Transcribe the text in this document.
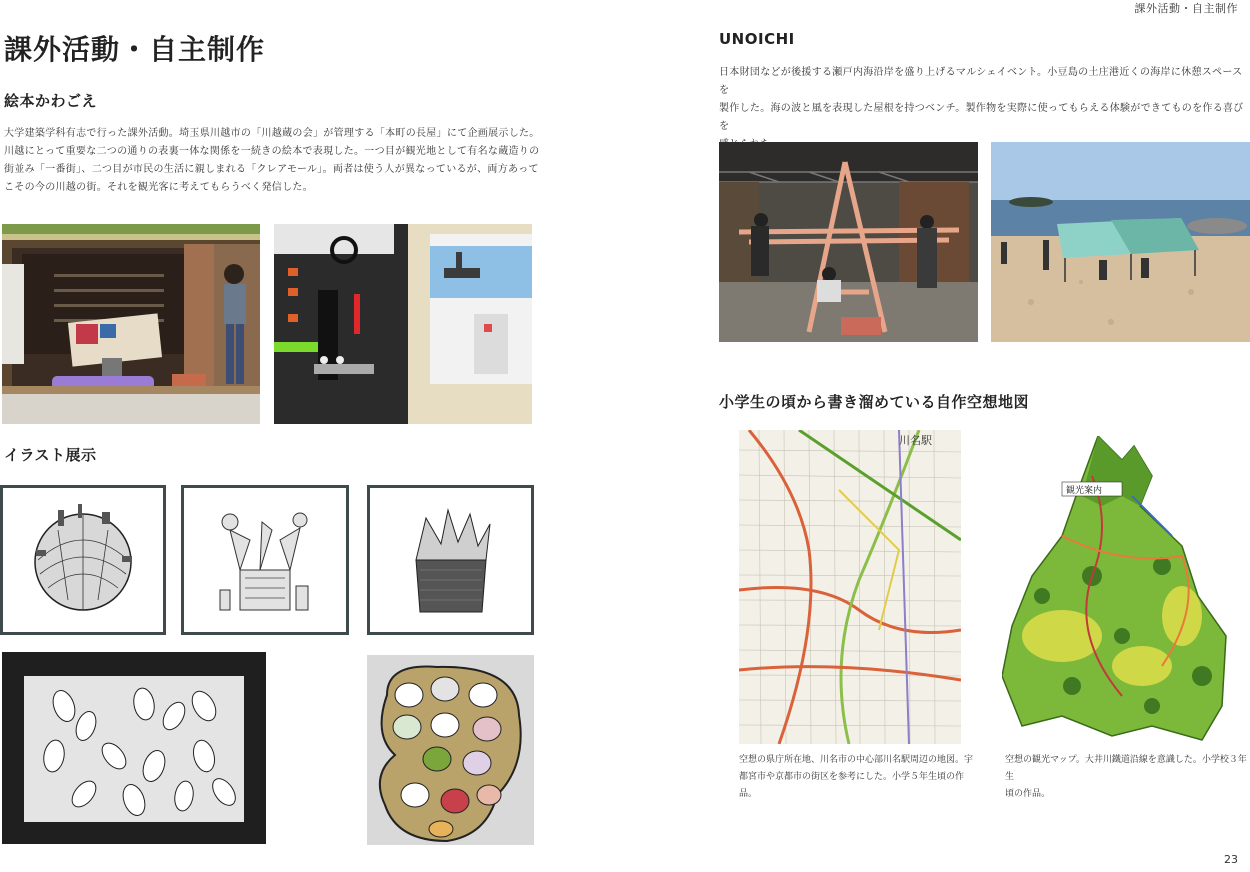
課外活動・自主制作
課外活動・自主制作
絵本かわごえ
大学建築学科有志で行った課外活動。埼玉県川越市の「川越蔵の会」が管理する「本町の長屋」にて企画展示した。
川越にとって重要な二つの通りの表裏一体な関係を一続きの絵本で表現した。一つ目が観光地として有名な蔵造りの
街並み「一番街」、二つ目が市民の生活に親しまれる「クレアモール」。両者は使う人が異なっているが、両方あって
こその今の川越の街。それを観光客に考えてもらうべく発信した。
イラスト展示
UNOICHI
日本財団などが後援する瀬戸内海沿岸を盛り上げるマルシェイベント。小豆島の土庄港近くの海岸に休憩スペースを
製作した。海の波と風を表現した屋根を持つベンチ。製作物を実際に使ってもらえる体験ができてものを作る喜びを
小学生の頃から書き溜めている自作空想地図
川名駅
空想の県庁所在地、川名市の中心部川名駅周辺の地図。宇
都宮市や京都市の街区を参考にした。小学５年生頃の作品。
観光案内
空想の観光マップ。大井川鐵道沿線を意識した。小学校３年生
頃の作品。
23
